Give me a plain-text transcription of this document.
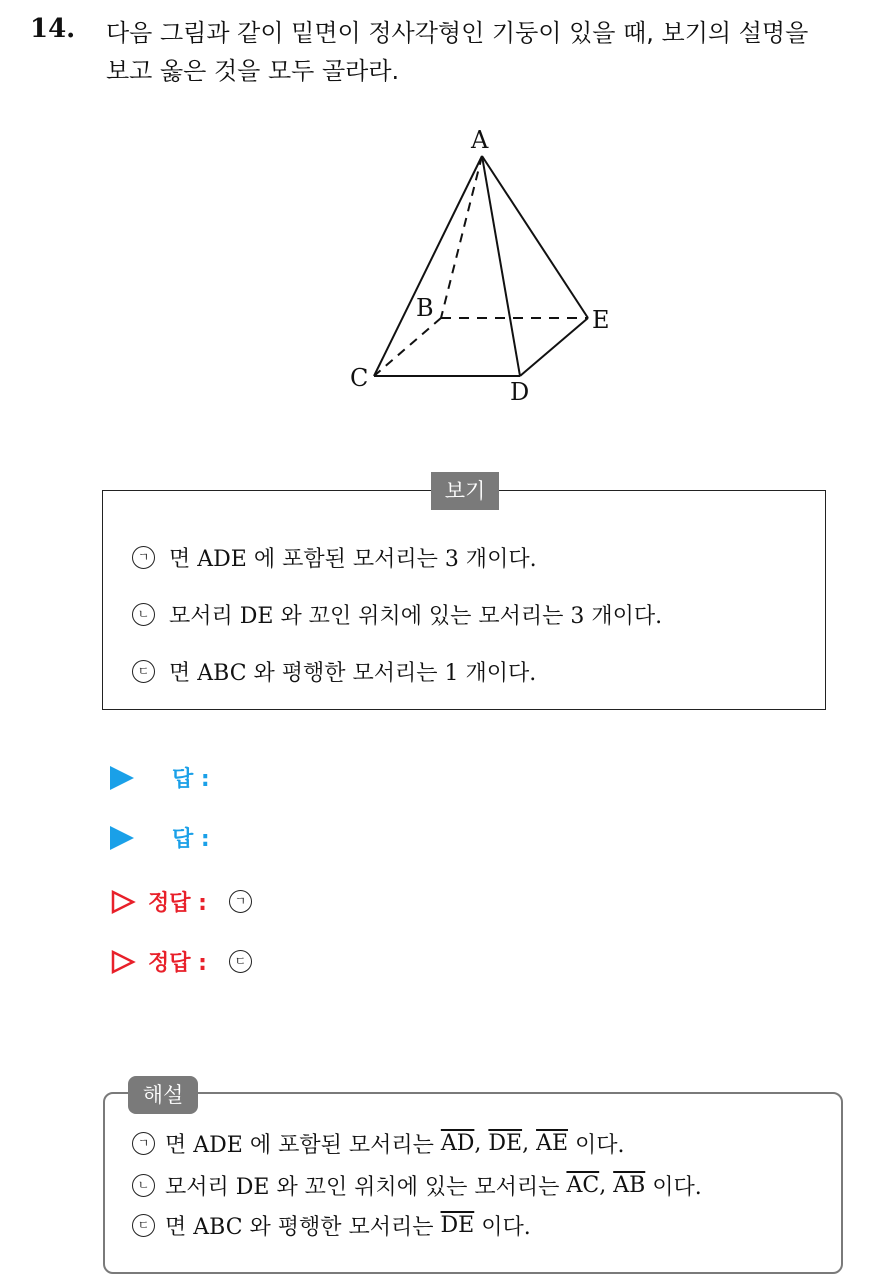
14. 다음 그림과 같이 밑면이 정사각형인 기둥이 있을 때, 보기의 설명을
보고 옳은 것을 모두 골라라.
A
B
C	D
E
보기
ㄱ 면 ADE 에 포함된 모서리는 3 개이다.
ㄴ 모서리 DE 와 꼬인 위치에 있는 모서리는 3 개이다.
ㄷ 면 ABC 와 평행한 모서리는 1 개이다.
답 :
답 :
정답 :	ㄱ
정답 :	ㄷ
해설
ㄱ 면 ADE 에 포함된 모서리는
$\overline{AD}$ , $\overline{DE}$ , $\overline{AE}$
이다.
ㄴ 모서리 DE 와 꼬인 위치에 있는 모서리는
$\overline{AC}$ , $\overline{AB}$
이다.
ㄷ 면 ABC 와 평행한 모서리는
$\overline{DE}$
이다.
